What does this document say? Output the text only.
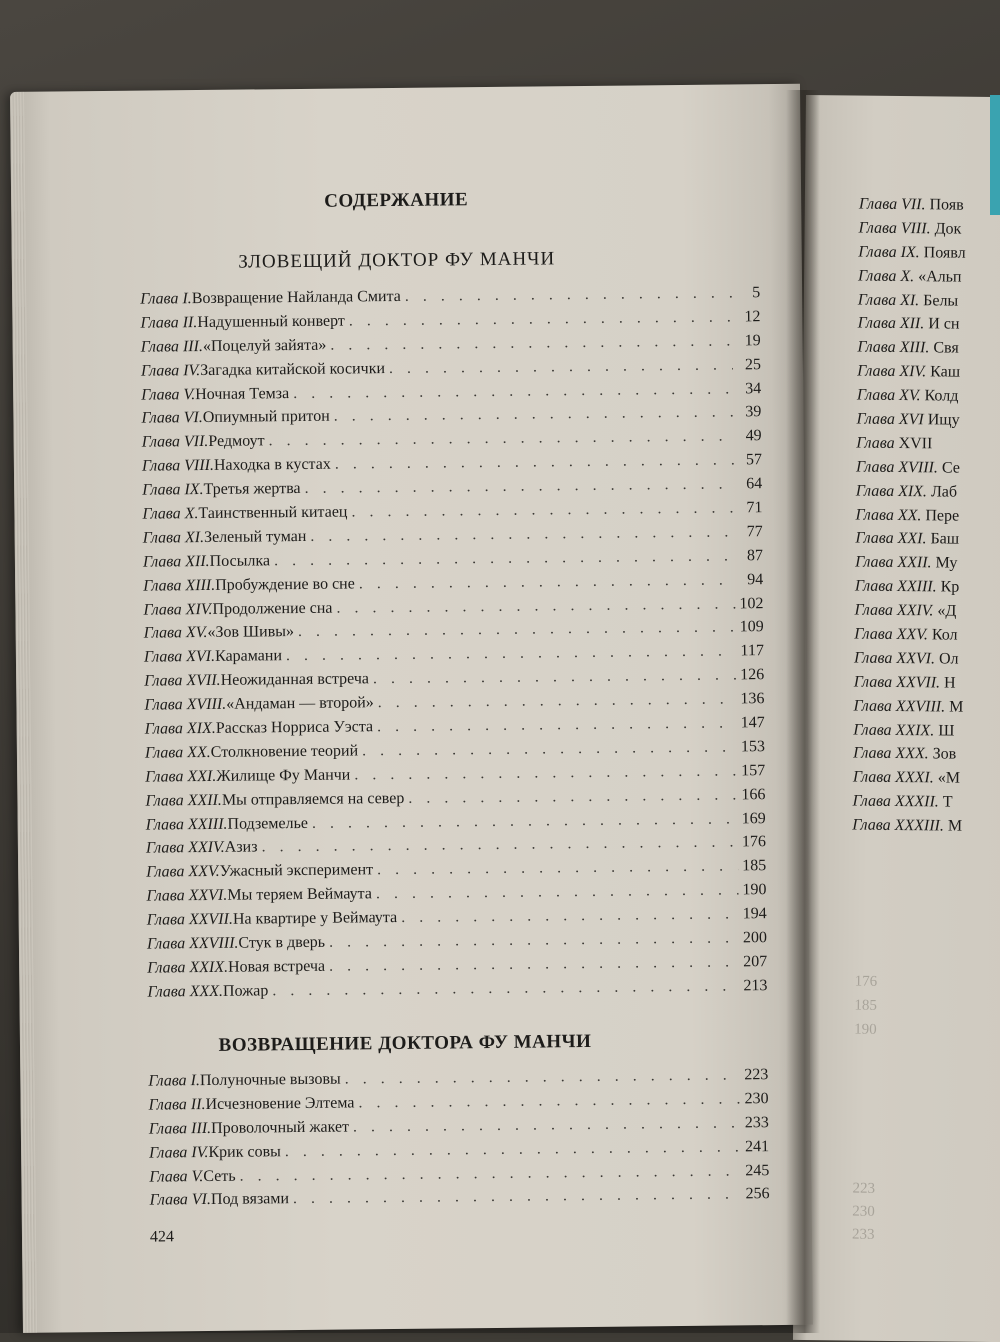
Глава VII. Появ
Глава VIII. Док
Глава IX. Появл
Глава X. «Альп
Глава XI. Белы
Глава XII. И сн
Глава XIII. Свя
Глава XIV. Каш
Глава XV. Колд
Глава XVI Ищу
Глава XVII
Глава XVIII. Се
Глава XIX. Лаб
Глава XX. Пере
Глава XXI. Баш
Глава XXII. Му
Глава XXIII. Кр
Глава XXIV. «Д
Глава XXV. Кол
Глава XXVI. Ол
Глава XXVII. Н
Глава XXVIII. М
Глава XXIX. Ш
Глава XXX. Зов
Глава XXXI. «М
Глава XXXII. Т
Глава XXXIII. М
176
185
190
223
230
233
СОДЕРЖАНИЕ
ЗЛОВЕЩИЙ ДОКТОР ФУ МАНЧИ
Глава I. Возвращение Найланда Смита . . .	5
Глава II. Надушенный конверт . . .	12
Глава III. «Поцелуй зайята» . . .	19
Глава IV. Загадка китайской косички . . .	25
Глава V. Ночная Темза . . .	34
Глава VI. Опиумный притон . . .	39
Глава VII. Редмоут . . .	49
Глава VIII. Находка в кустах . . .	57
Глава IX. Третья жертва . . .	64
Глава X. Таинственный китаец . . .	71
Глава XI. Зеленый туман . . .	77
Глава XII. Посылка . . .	87
Глава XIII. Пробуждение во сне . . .	94
Глава XIV. Продолжение сна . . .	102
Глава XV. «Зов Шивы» . . .	109
Глава XVI. Карамани . . .	117
Глава XVII. Неожиданная встреча . . .	126
Глава XVIII. «Андаман — второй» . . .	136
Глава XIX. Рассказ Норриса Уэста . . .	147
Глава XX. Столкновение теорий . . .	153
Глава XXI. Жилище Фу Манчи . . .	157
Глава XXII. Мы отправляемся на север . . .	166
Глава XXIII. Подземелье . . .	169
Глава XXIV. Азиз . . .	176
Глава XXV. Ужасный эксперимент . . .	185
Глава XXVI. Мы теряем Веймаута . . .	190
Глава XXVII. На квартире у Веймаута . . .	194
Глава XXVIII. Стук в дверь . . .	200
Глава XXIX. Новая встреча . . .	207
Глава XXX. Пожар . . .	213
ВОЗВРАЩЕНИЕ ДОКТОРА ФУ МАНЧИ
Глава I. Полуночные вызовы . . .	223
Глава II. Исчезновение Элтема . . .	230
Глава III. Проволочный жакет . . .	233
Глава IV. Крик совы . . .	241
Глава V. Сеть . . .	245
Глава VI. Под вязами . . .	256
424
